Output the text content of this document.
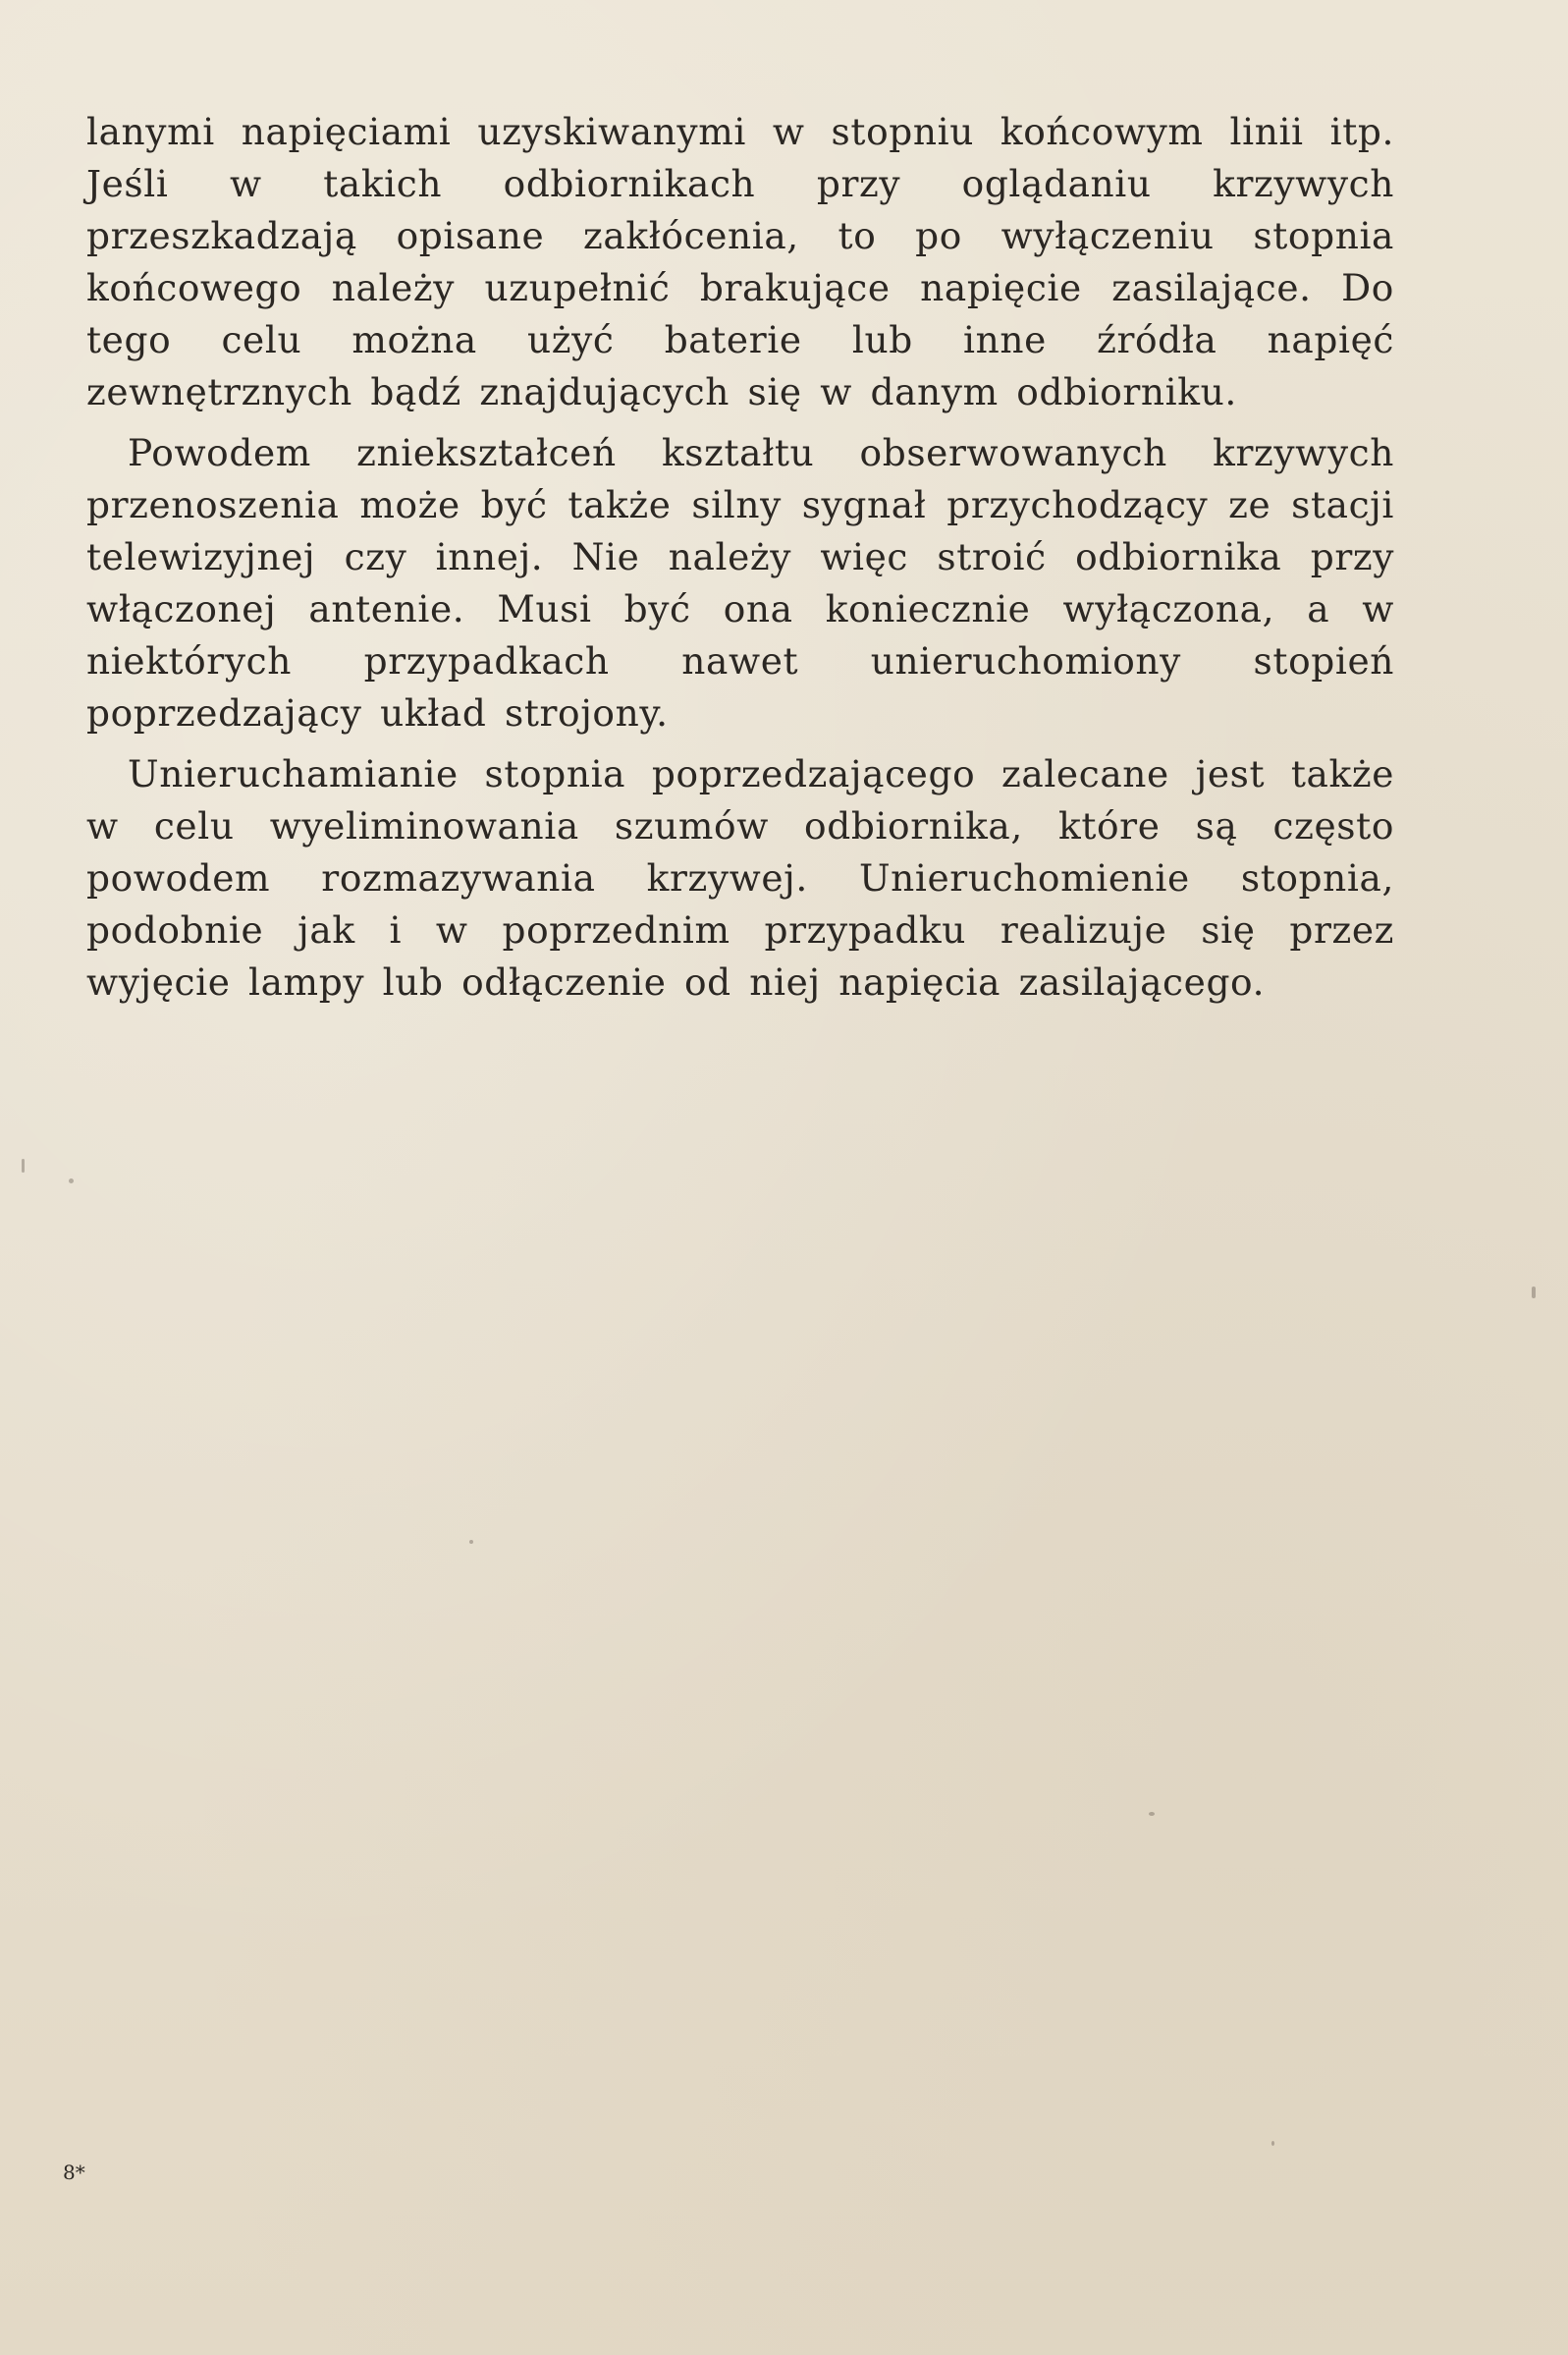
lanymi napięciami uzyskiwanymi w stopniu końcowym linii itp. Jeśli w takich odbiornikach przy oglądaniu krzywych przeszkadzają opisane zakłócenia, to po wyłączeniu stopnia końcowego należy uzupełnić brakujące napięcie zasilające. Do tego celu można użyć baterie lub inne źródła napięć zewnętrznych bądź znajdujących się w danym odbiorniku.

Powodem zniekształceń kształtu obserwowanych krzywych przenoszenia może być także silny sygnał przychodzący ze stacji telewizyjnej czy innej. Nie należy więc stroić odbiornika przy włączonej antenie. Musi być ona koniecznie wyłączona, a w niektórych przypadkach nawet unieruchomiony stopień poprzedzający układ strojony.

Unieruchamianie stopnia poprzedzającego zalecane jest także w celu wyeliminowania szumów odbiornika, które są często powodem rozmazywania krzywej. Unieruchomienie stopnia, podobnie jak i w poprzednim przypadku realizuje się przez wyjęcie lampy lub odłączenie od niej napięcia zasilającego.

8*
